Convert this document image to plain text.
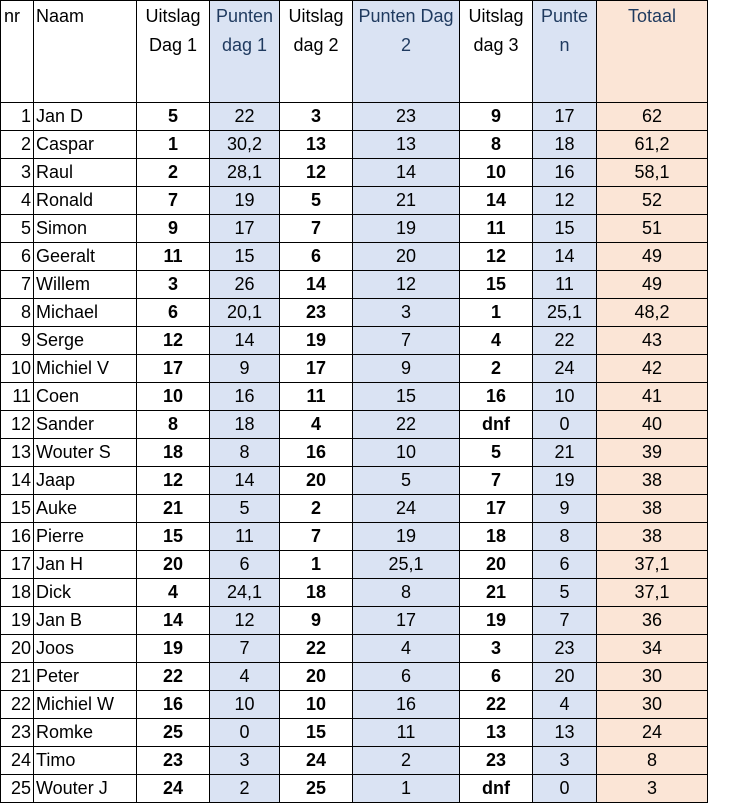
nr	Naam	Uitslag Dag 1	Punten dag 1	Uitslag dag 2	Punten Dag 2	Uitslag dag 3	Punten	Totaal
1	Jan D	5	22	3	23	9	17	62
2	Caspar	1	30,2	13	13	8	18	61,2
3	Raul	2	28,1	12	14	10	16	58,1
4	Ronald	7	19	5	21	14	12	52
5	Simon	9	17	7	19	11	15	51
6	Geeralt	11	15	6	20	12	14	49
7	Willem	3	26	14	12	15	11	49
8	Michael	6	20,1	23	3	1	25,1	48,2
9	Serge	12	14	19	7	4	22	43
10	Michiel V	17	9	17	9	2	24	42
11	Coen	10	16	11	15	16	10	41
12	Sander	8	18	4	22	dnf	0	40
13	Wouter S	18	8	16	10	5	21	39
14	Jaap	12	14	20	5	7	19	38
15	Auke	21	5	2	24	17	9	38
16	Pierre	15	11	7	19	18	8	38
17	Jan H	20	6	1	25,1	20	6	37,1
18	Dick	4	24,1	18	8	21	5	37,1
19	Jan B	14	12	9	17	19	7	36
20	Joos	19	7	22	4	3	23	34
21	Peter	22	4	20	6	6	20	30
22	Michiel W	16	10	10	16	22	4	30
23	Romke	25	0	15	11	13	13	24
24	Timo	23	3	24	2	23	3	8
25	Wouter J	24	2	25	1	dnf	0	3
